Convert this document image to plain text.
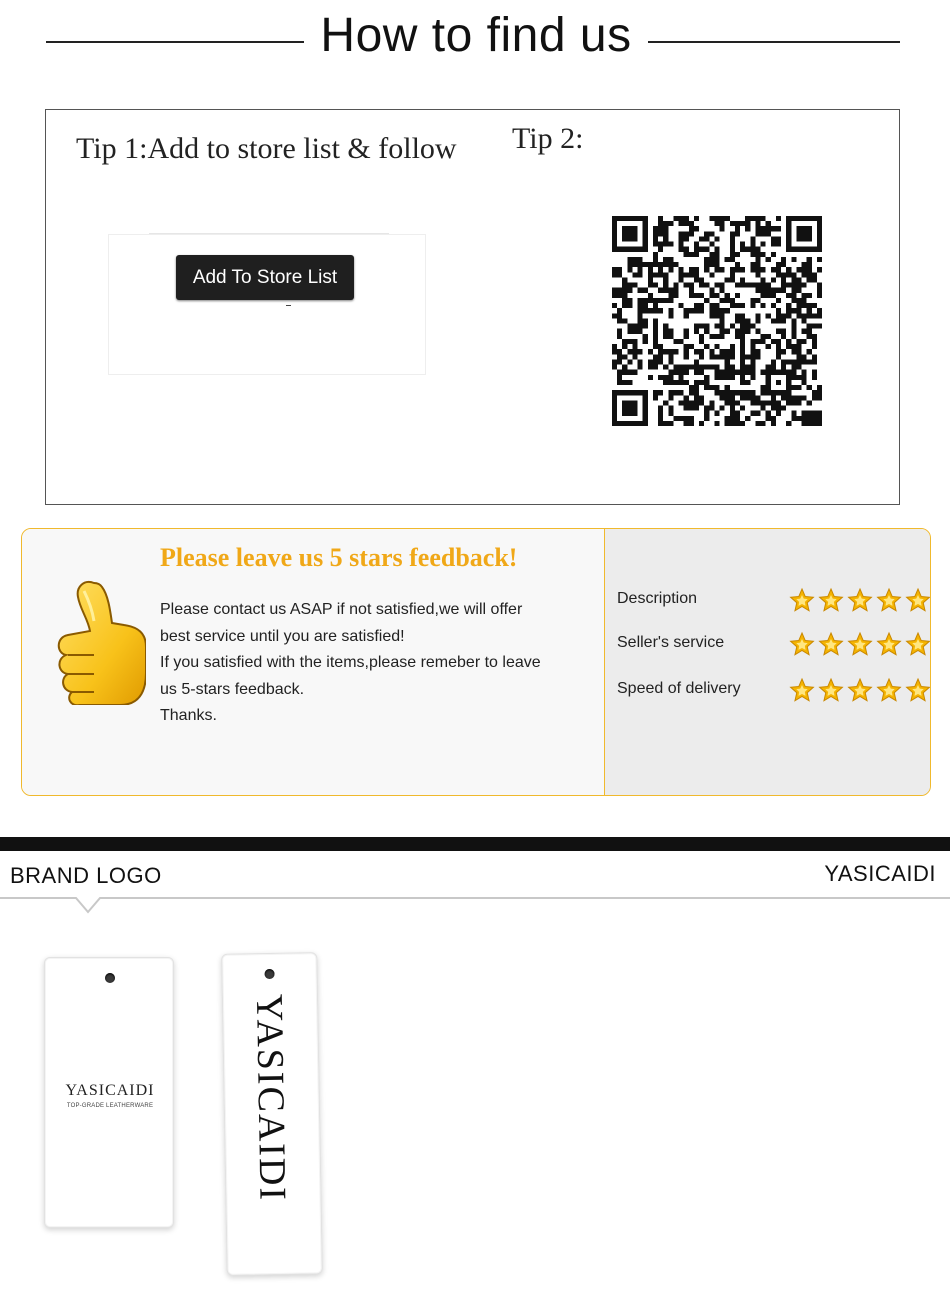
How to find us
Tip 1:Add to store list & follow Tip 2:
Add To Store List
Please leave us 5 stars feedback!
Please contact us ASAP if not satisfied,we will offer
best service until you are satisfied!
If you satisfied with the items,please remeber to leave
us 5-stars feedback.
Thanks.
Description
Seller's service
Speed of delivery
BRAND LOGO	YASICAIDI
YASICAIDI
TOP-GRADE LEATHERWARE	YASICAIDI
